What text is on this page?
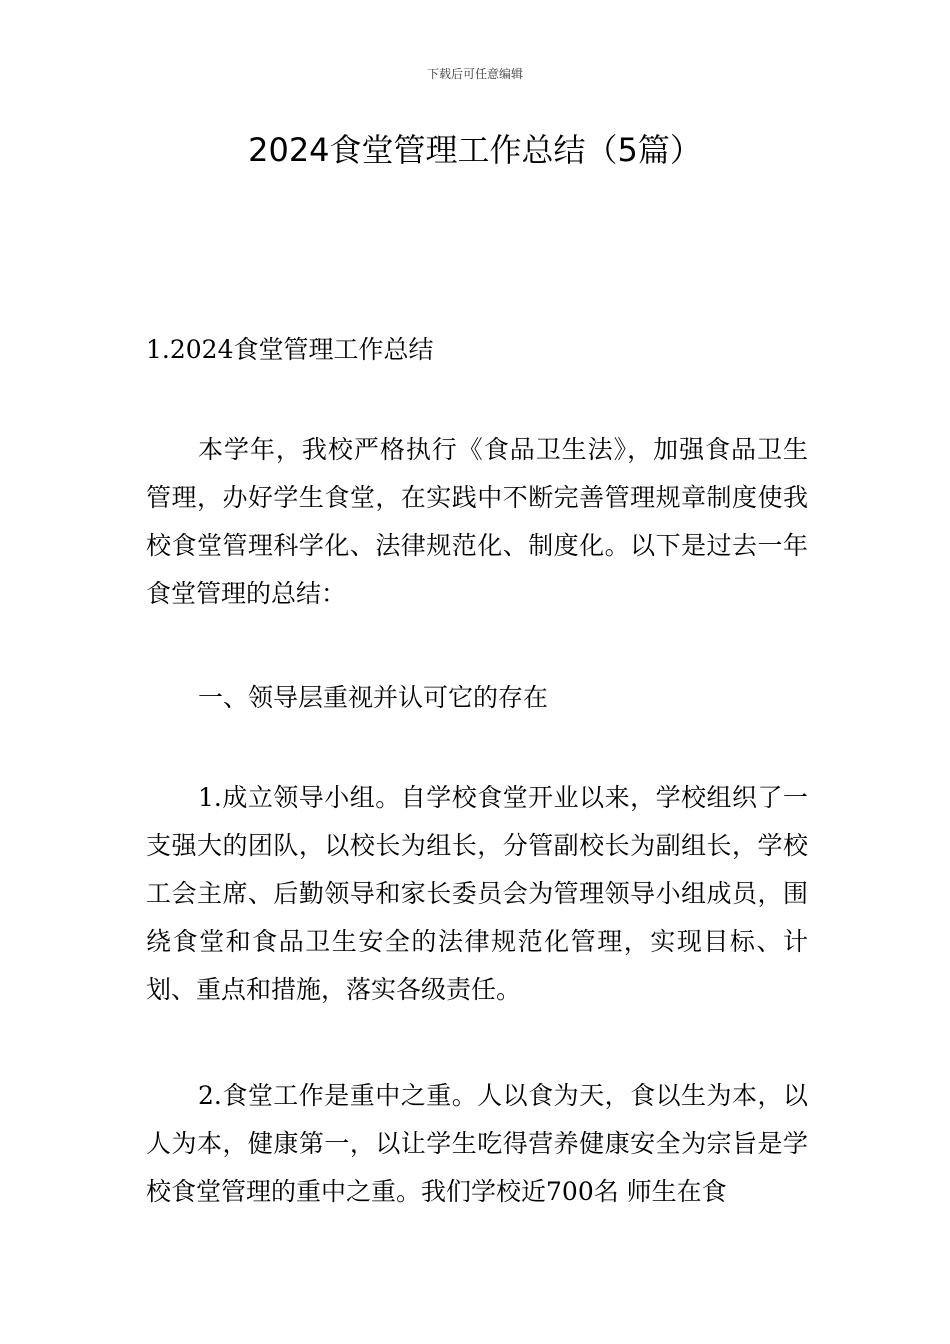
下载后可任意编辑
2024食堂管理工作总结（5篇）

1.2024食堂管理工作总结

本学年，我校严格执行《食品卫生法》，加强食品卫生管理，办好学生食堂，在实践中不断完善管理规章制度使我校食堂管理科学化、法律规范化、制度化。以下是过去一年食堂管理的总结：

一、领导层重视并认可它的存在

1.成立领导小组。自学校食堂开业以来，学校组织了一支强大的团队，以校长为组长，分管副校长为副组长，学校工会主席、后勤领导和家长委员会为管理领导小组成员，围绕食堂和食品卫生安全的法律规范化管理，实现目标、计划、重点和措施，落实各级责任。

2.食堂工作是重中之重。人以食为天，食以生为本，以人为本，健康第一，以让学生吃得营养健康安全为宗旨是学校食堂管理的重中之重。我们学校近700名 师生在食
